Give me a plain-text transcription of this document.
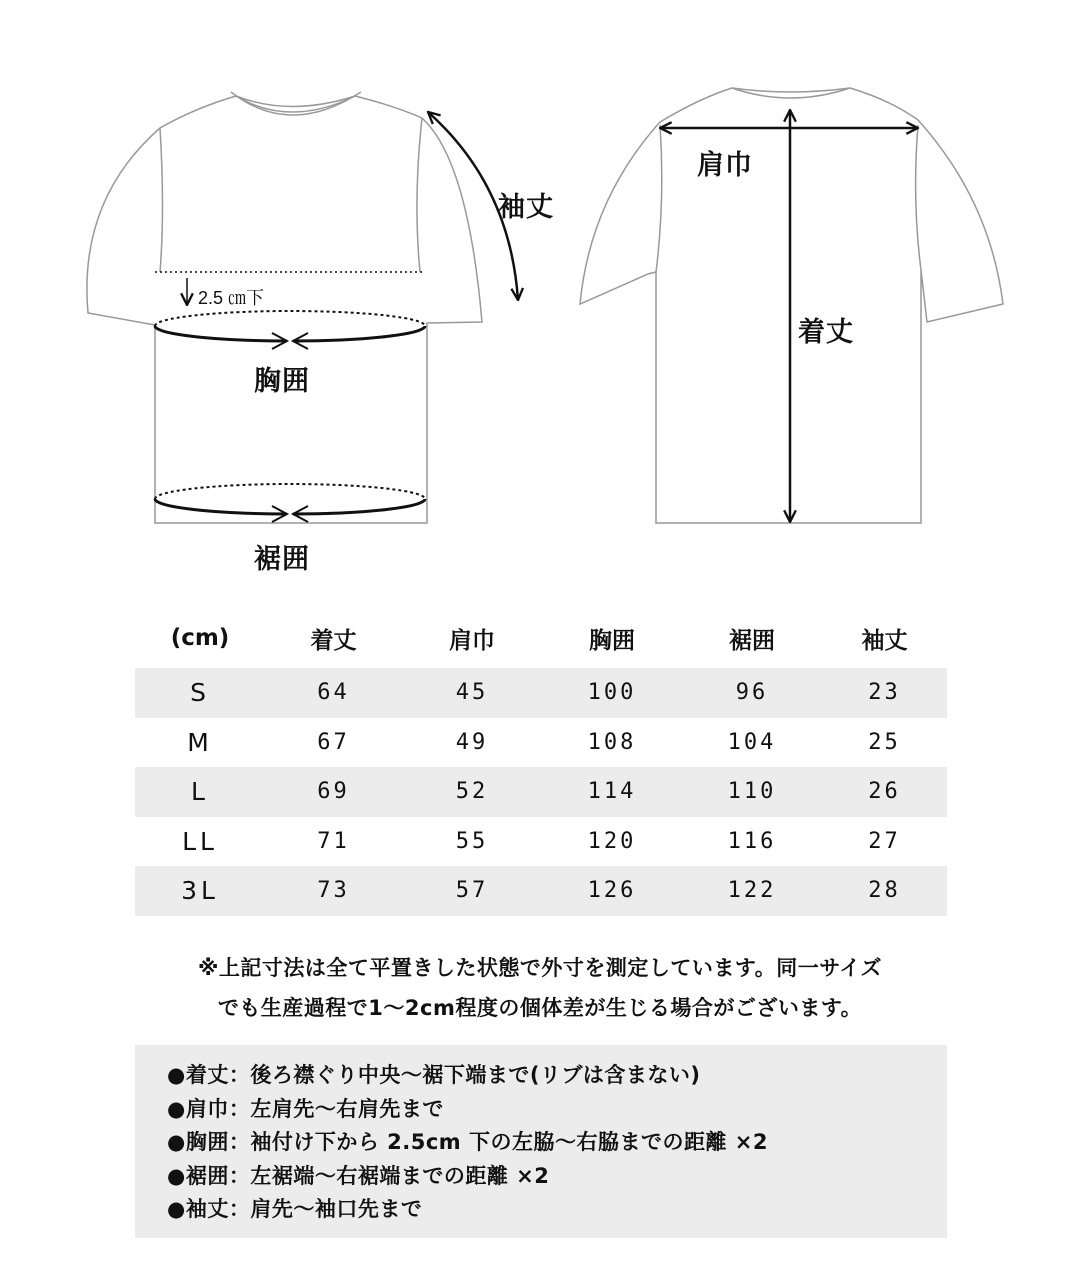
袖丈
2.5 ㎝下
胸囲
裾囲
肩巾
着丈
(cm)	着丈	肩巾	胸囲	裾囲	袖丈
S	64	45	100	96	23
M	67	49	108	104	25
L	69	52	114	110	26
LL	71	55	120	116	27
3L	73	57	126	122	28
※上記寸法は全て平置きした状態で外寸を測定しています。同一サイズ
でも生産過程で1〜2cm程度の個体差が生じる場合がございます。
●着丈：後ろ襟ぐり中央〜裾下端まで(リブは含まない)
●肩巾：左肩先〜右肩先まで
●胸囲：袖付け下から 2.5cm 下の左脇〜右脇までの距離 ×2
●裾囲：左裾端〜右裾端までの距離 ×2
●袖丈：肩先〜袖口先まで
